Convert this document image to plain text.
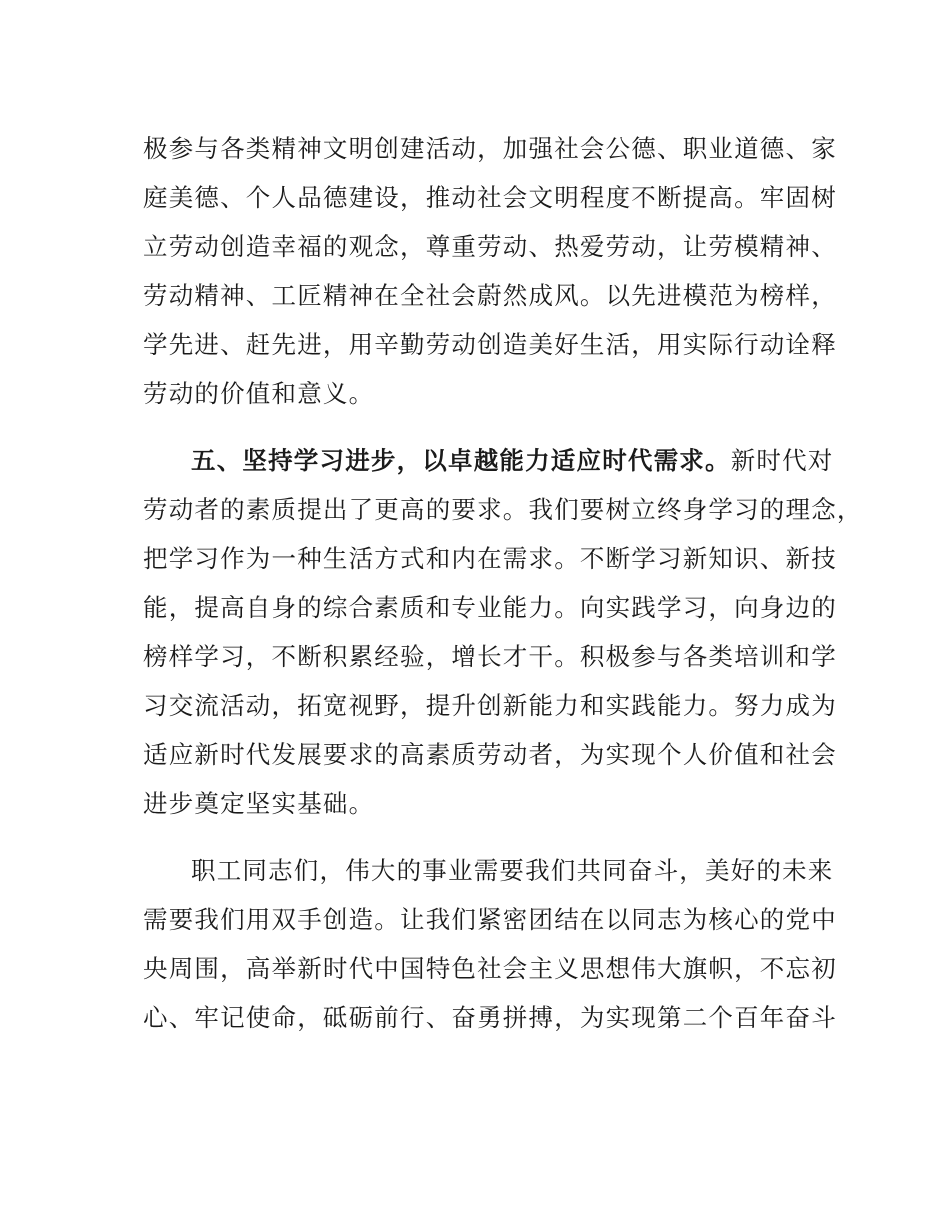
极参与各类精神文明创建活动，加强社会公德、职业道德、家
庭美德、个人品德建设，推动社会文明程度不断提高。牢固树
立劳动创造幸福的观念，尊重劳动、热爱劳动，让劳模精神、
劳动精神、工匠精神在全社会蔚然成风。以先进模范为榜样，
学先进、赶先进，用辛勤劳动创造美好生活，用实际行动诠释
劳动的价值和意义。
五、坚持学习进步，以卓越能力适应时代需求。新时代对
劳动者的素质提出了更高的要求。我们要树立终身学习的理念，
把学习作为一种生活方式和内在需求。不断学习新知识、新技
能，提高自身的综合素质和专业能力。向实践学习，向身边的
榜样学习，不断积累经验，增长才干。积极参与各类培训和学
习交流活动，拓宽视野，提升创新能力和实践能力。努力成为
适应新时代发展要求的高素质劳动者，为实现个人价值和社会
进步奠定坚实基础。
职工同志们，伟大的事业需要我们共同奋斗，美好的未来
需要我们用双手创造。让我们紧密团结在以同志为核心的党中
央周围，高举新时代中国特色社会主义思想伟大旗帜，不忘初
心、牢记使命，砥砺前行、奋勇拼搏，为实现第二个百年奋斗
